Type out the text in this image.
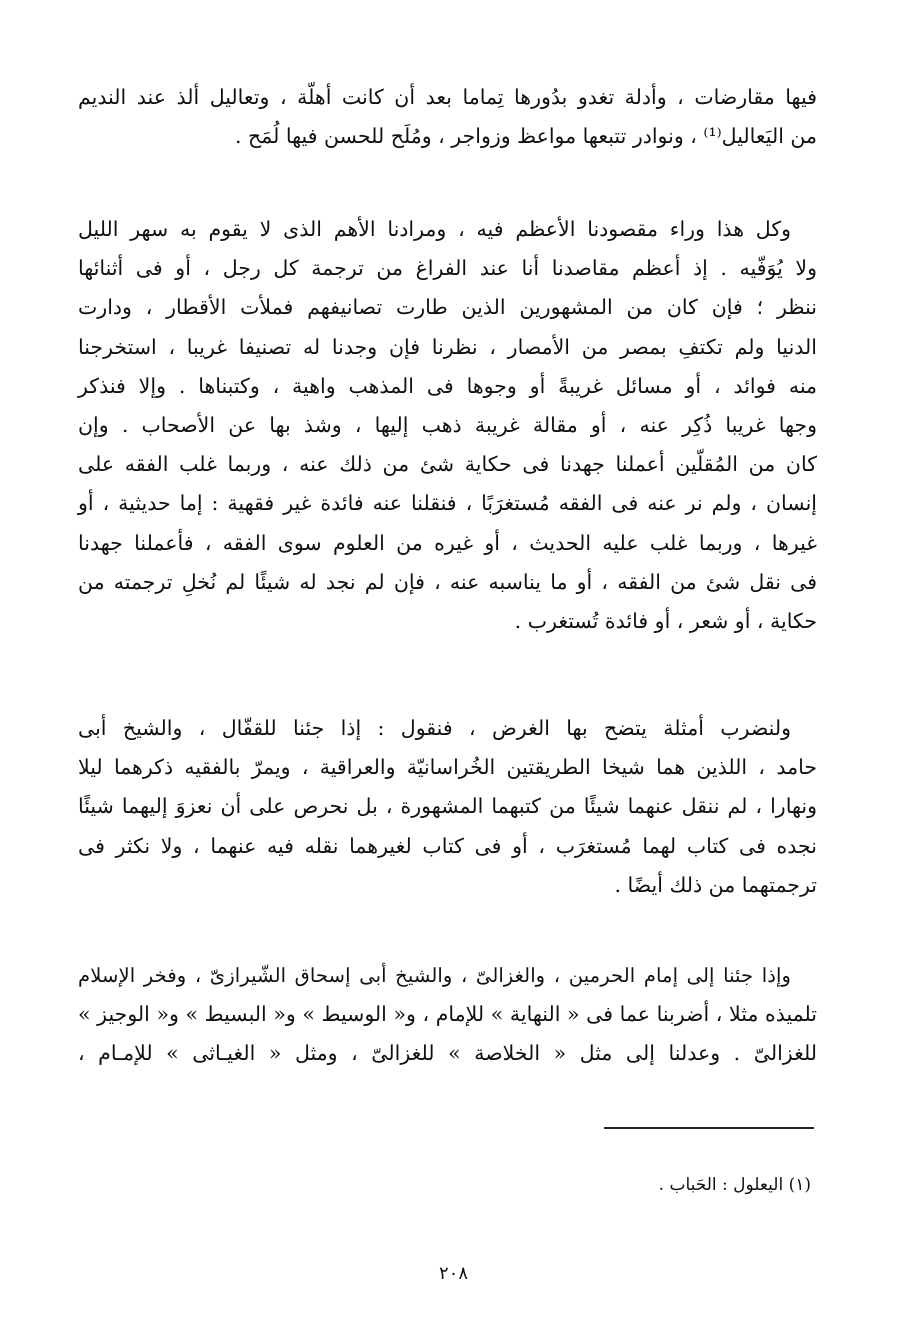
فيها مقارضات ، وأدلة تغدو بدُورها تِماما بعد أن كانت أهلّة ، وتعاليل ألذ عند النديم
من اليَعاليل⁽¹⁾ ، ونوادر تتبعها مواعظ وزواجر ، ومُلَح للحسن فيها لُمَح .
وكل هذا وراء مقصودنا الأعظم فيه ، ومرادنا الأهم الذى لا يقوم به سهر الليل
ولا يُوَفّيه . إذ أعظم مقاصدنا أنا عند الفراغ من ترجمة كل رجل ، أو فى أثنائها
ننظر ؛ فإن كان من المشهورين الذين طارت تصانيفهم فملأت الأقطار ، ودارت
الدنيا ولم تكتفِ بمصر من الأمصار ، نظرنا فإن وجدنا له تصنيفا غريبا ، استخرجنا
منه فوائد ، أو مسائل غريبةً أو وجوها فى المذهب واهية ، وكتبناها . وإلا فنذكر
وجها غريبا ذُكِر عنه ، أو مقالة غريبة ذهب إليها ، وشذ بها عن الأصحاب . وإن
كان من المُقلّين أعملنا جهدنا فى حكاية شئ من ذلك عنه ، وربما غلب الفقه على
إنسان ، ولم نر عنه فى الفقه مُستغرَبًا ، فنقلنا عنه فائدة غير فقهية : إما حديثية ، أو
غيرها ، وربما غلب عليه الحديث ، أو غيره من العلوم سوى الفقه ، فأعملنا جهدنا
فى نقل شئ من الفقه ، أو ما يناسبه عنه ، فإن لم نجد له شيئًا لم نُخلِ ترجمته من
حكاية ، أو شعر ، أو فائدة تُستغرب .
ولنضرب أمثلة يتضح بها الغرض ، فنقول : إذا جئنا للقفّال ، والشيخ أبى
حامد ، اللذين هما شيخا الطريقتين الخُراسانيّة والعراقية ، ويمرّ بالفقيه ذكرهما ليلا
ونهارا ، لم ننقل عنهما شيئًا من كتبهما المشهورة ، بل نحرص على أن نعزوَ إليهما شيئًا
نجده فى كتاب لهما مُستغرَب ، أو فى كتاب لغيرهما نقله فيه عنهما ، ولا نكثر فى
ترجمتهما من ذلك أيضًا .
وإذا جئنا إلى إمام الحرمين ، والغزالىّ ، والشيخ أبى إسحاق الشّيرازىّ ، وفخر الإسلام
تلميذه مثلا ، أضربنا عما فى « النهاية » للإمام ، و« الوسيط » و« البسيط » و« الوجيز »
للغزالىّ . وعدلنا إلى مثل « الخلاصة » للغزالىّ ، ومثل « الغيـاثى » للإمـام ،
(١) اليعلول : الحَباب .
٢٠٨
